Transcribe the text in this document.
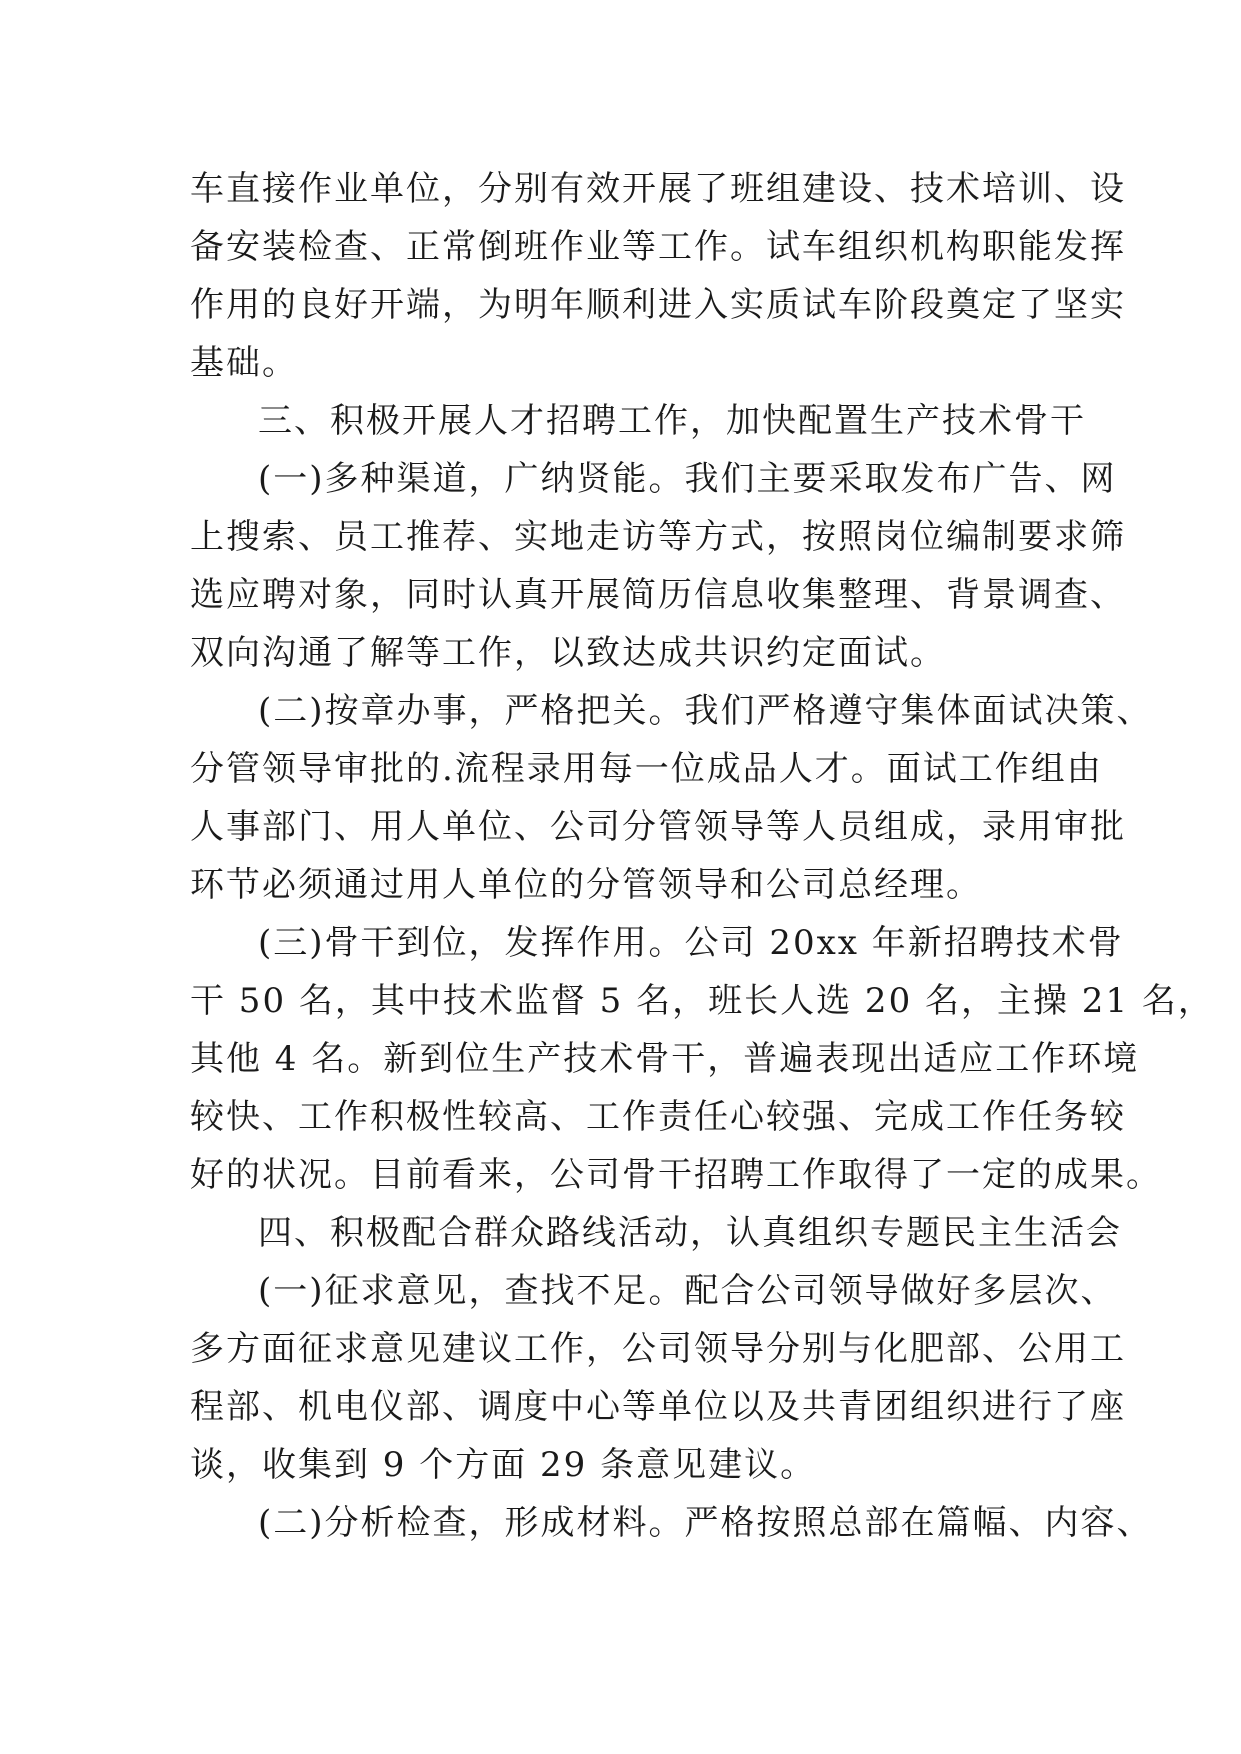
车直接作业单位，分别有效开展了班组建设、技术培训、设
备安装检查、正常倒班作业等工作。试车组织机构职能发挥
作用的良好开端，为明年顺利进入实质试车阶段奠定了坚实
基础。
三、积极开展人才招聘工作，加快配置生产技术骨干
(一)多种渠道，广纳贤能。我们主要采取发布广告、网
上搜索、员工推荐、实地走访等方式，按照岗位编制要求筛
选应聘对象，同时认真开展简历信息收集整理、背景调查、
双向沟通了解等工作，以致达成共识约定面试。
(二)按章办事，严格把关。我们严格遵守集体面试决策、
分管领导审批的.流程录用每一位成品人才。面试工作组由
人事部门、用人单位、公司分管领导等人员组成，录用审批
环节必须通过用人单位的分管领导和公司总经理。
(三)骨干到位，发挥作用。公司 20xx 年新招聘技术骨
干 50 名，其中技术监督 5 名，班长人选 20 名，主操 21 名，
其他 4 名。新到位生产技术骨干，普遍表现出适应工作环境
较快、工作积极性较高、工作责任心较强、完成工作任务较
好的状况。目前看来，公司骨干招聘工作取得了一定的成果。
四、积极配合群众路线活动，认真组织专题民主生活会
(一)征求意见，查找不足。配合公司领导做好多层次、
多方面征求意见建议工作，公司领导分别与化肥部、公用工
程部、机电仪部、调度中心等单位以及共青团组织进行了座
谈，收集到 9 个方面 29 条意见建议。
(二)分析检查，形成材料。严格按照总部在篇幅、内容、
